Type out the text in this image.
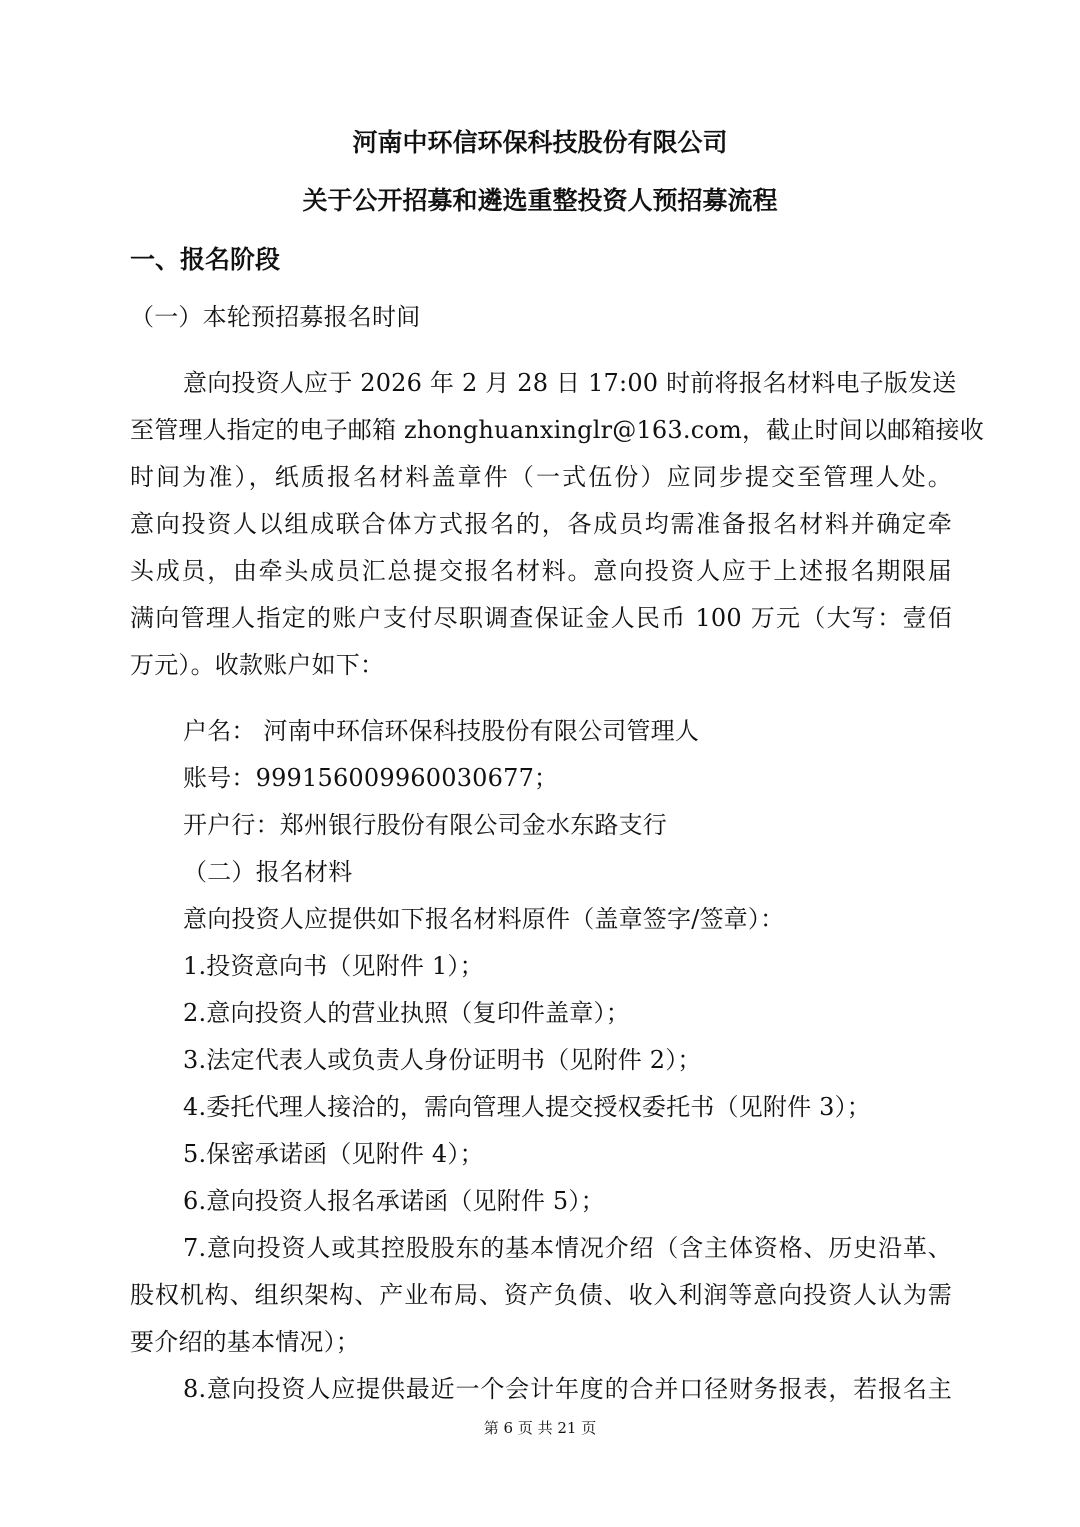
河南中环信环保科技股份有限公司
关于公开招募和遴选重整投资人预招募流程
一、报名阶段
（一）本轮预招募报名时间
意向投资人应于 2026 年 2 月 28 日 17:00 时前将报名材料电子版发送
至管理人指定的电子邮箱 zhonghuanxinglr@163.com，截止时间以邮箱接收
时间为准），纸质报名材料盖章件（一式伍份）应同步提交至管理人处。
意向投资人以组成联合体方式报名的，各成员均需准备报名材料并确定牵
头成员，由牵头成员汇总提交报名材料。意向投资人应于上述报名期限届
满向管理人指定的账户支付尽职调查保证金人民币 100 万元（大写：壹佰
万元）。收款账户如下：
户名： 河南中环信环保科技股份有限公司管理人
账号：999156009960030677；
开户行：郑州银行股份有限公司金水东路支行
（二）报名材料
意向投资人应提供如下报名材料原件（盖章签字/签章）：
1.投资意向书（见附件 1）；
2.意向投资人的营业执照（复印件盖章）；
3.法定代表人或负责人身份证明书（见附件 2）；
4.委托代理人接洽的，需向管理人提交授权委托书（见附件 3）；
5.保密承诺函（见附件 4）；
6.意向投资人报名承诺函（见附件 5）；
7.意向投资人或其控股股东的基本情况介绍（含主体资格、历史沿革、
股权机构、组织架构、产业布局、资产负债、收入利润等意向投资人认为需
要介绍的基本情况）；
8.意向投资人应提供最近一个会计年度的合并口径财务报表，若报名主
第 6 页 共 21 页
